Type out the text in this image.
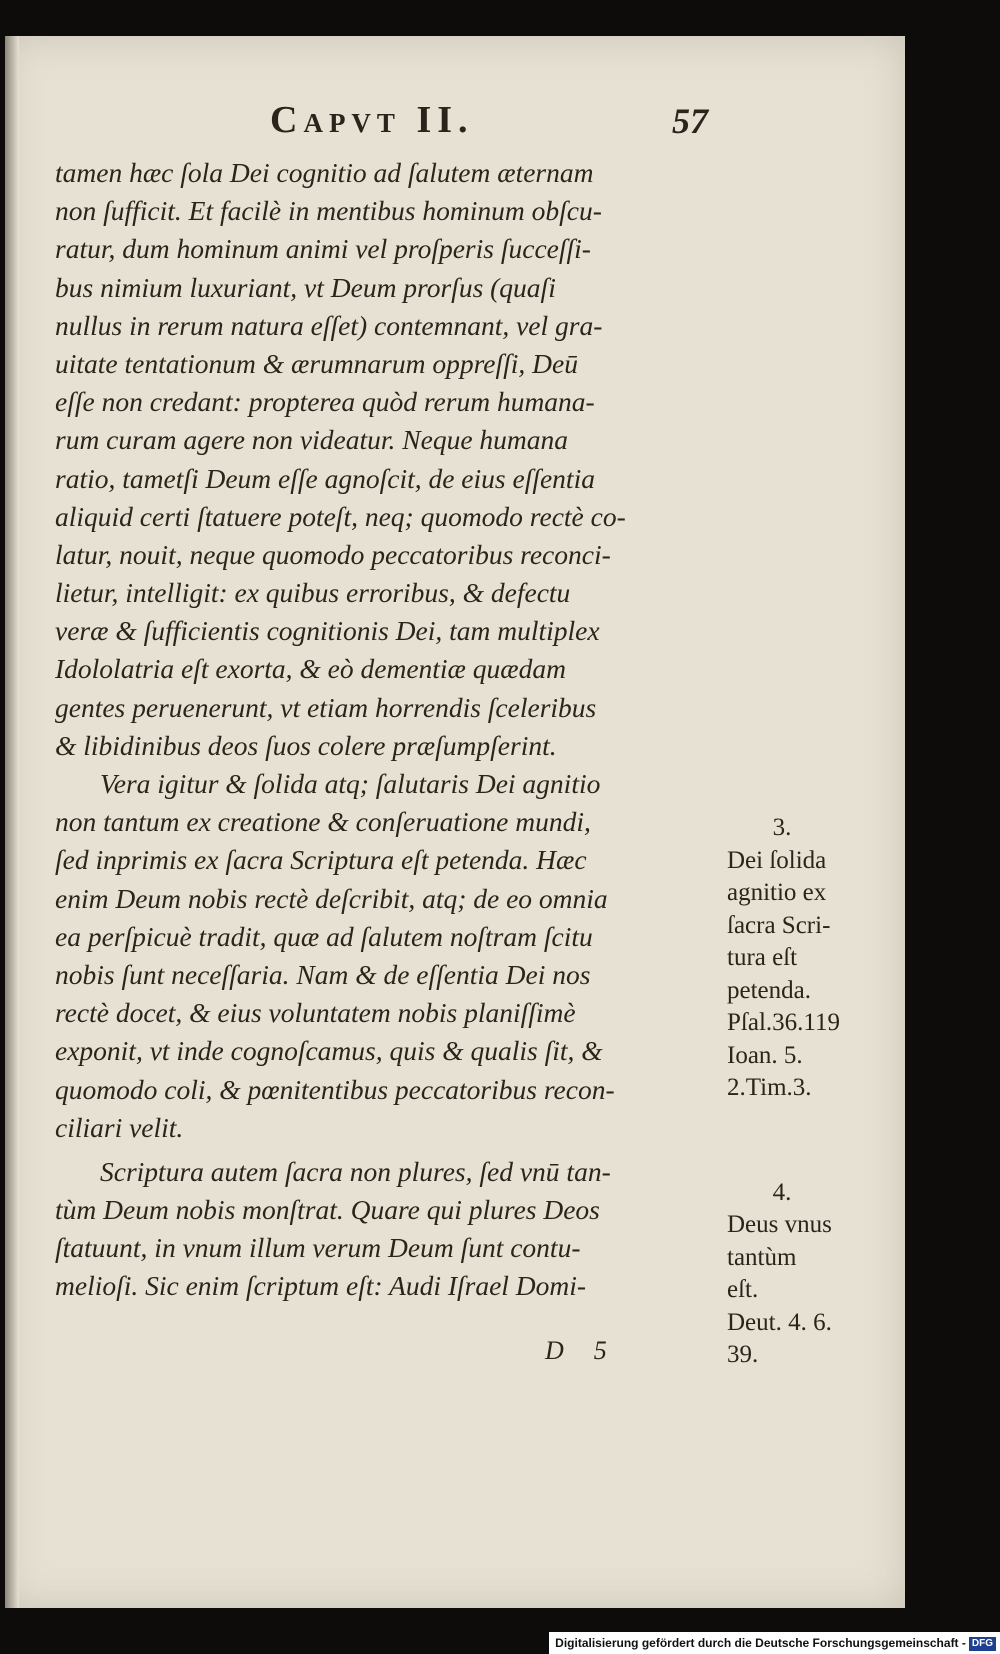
Capvt II.	57
tamen hæc ſola Dei cognitio ad ſalutem æternam
non ſufficit. Et facilè in mentibus hominum obſcu-
ratur, dum hominum animi vel proſperis ſucceſſi-
bus nimium luxuriant, vt Deum prorſus (quaſi
nullus in rerum natura eſſet) contemnant, vel gra-
uitate tentationum & ærumnarum oppreſſi, Deū
eſſe non credant: propterea quòd rerum humana-
rum curam agere non videatur. Neque humana
ratio, tametſi Deum eſſe agnoſcit, de eius eſſentia
aliquid certi ſtatuere poteſt, neq; quomodo rectè co-
latur, nouit, neque quomodo peccatoribus reconci-
lietur, intelligit: ex quibus erroribus, & defectu
veræ & ſufficientis cognitionis Dei, tam multiplex
Idololatria eſt exorta, & eò dementiæ quædam
gentes peruenerunt, vt etiam horrendis ſceleribus
& libidinibus deos ſuos colere præſumpſerint.
Vera igitur & ſolida atq; ſalutaris Dei agnitio
non tantum ex creatione & conſeruatione mundi,
ſed inprimis ex ſacra Scriptura eſt petenda. Hæc
enim Deum nobis rectè deſcribit, atq; de eo omnia
ea perſpicuè tradit, quæ ad ſalutem noſtram ſcitu
nobis ſunt neceſſaria. Nam & de eſſentia Dei nos
rectè docet, & eius voluntatem nobis planiſſimè
exponit, vt inde cognoſcamus, quis & qualis ſit, &
quomodo coli, & pœnitentibus peccatoribus recon-
ciliari velit.
Scriptura autem ſacra non plures, ſed vnū tan-
tùm Deum nobis monſtrat. Quare qui plures Deos
ſtatuunt, in vnum illum verum Deum ſunt contu-
melioſi. Sic enim ſcriptum eſt: Audi Iſrael Domi-
D 5
3.
Dei ſolida
agnitio ex
ſacra Scri-
tura eſt
petenda.
Pſal.36.119
Ioan. 5.
2.Tim.3.
4.
Deus vnus
tantùm
eſt.
Deut. 4. 6.
39.
Digitalisierung gefördert durch die Deutsche Forschungsgemeinschaft - DFG
